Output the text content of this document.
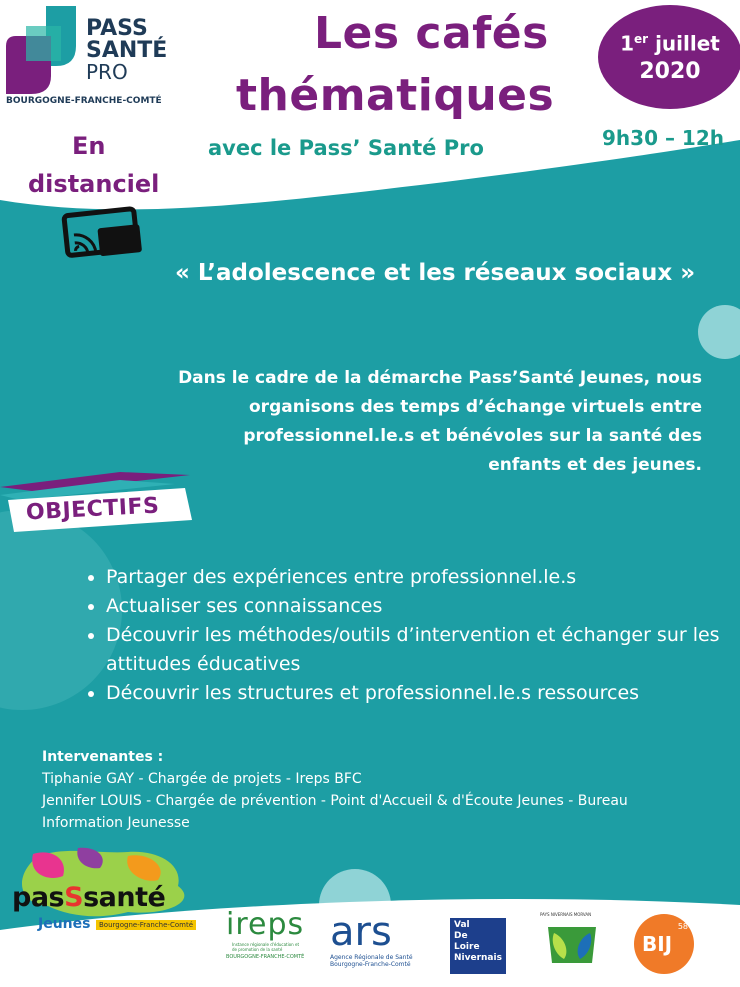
PASS
SANTÉ
PRO
BOURGOGNE-FRANCHE-COMTÉ
Les cafés
thématiques
avec le Pass’ Santé Pro
1er juillet
2020
9h30 – 12h
En
distanciel
« L’adolescence et les réseaux sociaux »
Dans le cadre de la démarche Pass’Santé Jeunes, nous
organisons des temps d’échange virtuels entre
professionnel.le.s et bénévoles sur la santé des
enfants et des jeunes.
OBJECTIFS
• Partager des expériences entre professionnel.le.s
• Actualiser ses connaissances
• Découvrir les méthodes/outils d’intervention et échanger sur les attitudes éducatives
• Découvrir les structures et professionnel.le.s ressources
Intervenantes :
Tiphanie GAY - Chargée de projets - Ireps BFC
Jennifer LOUIS - Chargée de prévention - Point d'Accueil & d'Écoute Jeunes - Bureau Information Jeunesse
pasSsanté
Jeunes	Bourgogne-Franche-Comté ireps
Instance régionale d'éducation et de promotion de la santé
BOURGOGNE-FRANCHE-COMTÉ
ars
Agence Régionale de Santé
Bourgogne-Franche-Comté
Val
De
Loire
Nivernais
PAYS NIVERNAIS MORVAN
BIJ
58
